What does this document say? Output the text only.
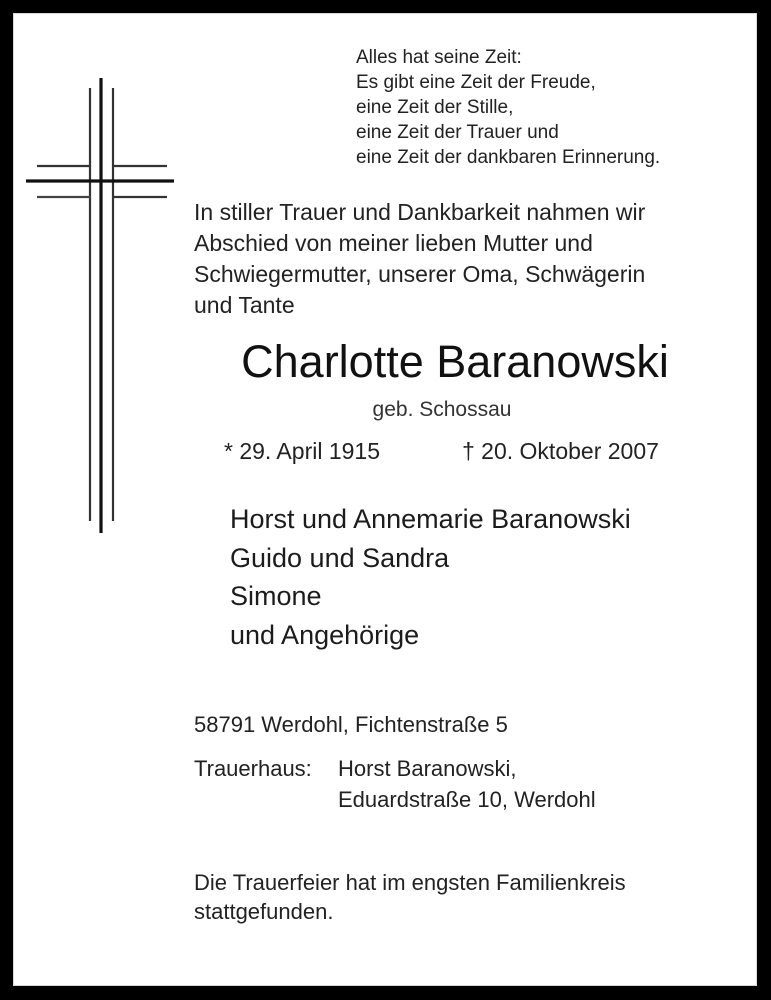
Alles hat seine Zeit:
Es gibt eine Zeit der Freude,
eine Zeit der Stille,
eine Zeit der Trauer und
eine Zeit der dankbaren Erinnerung.
In stiller Trauer und Dankbarkeit nahmen wir
Abschied von meiner lieben Mutter und
Schwiegermutter, unserer Oma, Schwägerin
und Tante
Charlotte Baranowski
geb. Schossau
* 29. April 1915	† 20. Oktober 2007
Horst und Annemarie Baranowski
Guido und Sandra
Simone
und Angehörige
58791 Werdohl, Fichtenstraße 5
Trauerhaus: Horst Baranowski,
Eduardstraße 10, Werdohl
Die Trauerfeier hat im engsten Familienkreis
stattgefunden.
